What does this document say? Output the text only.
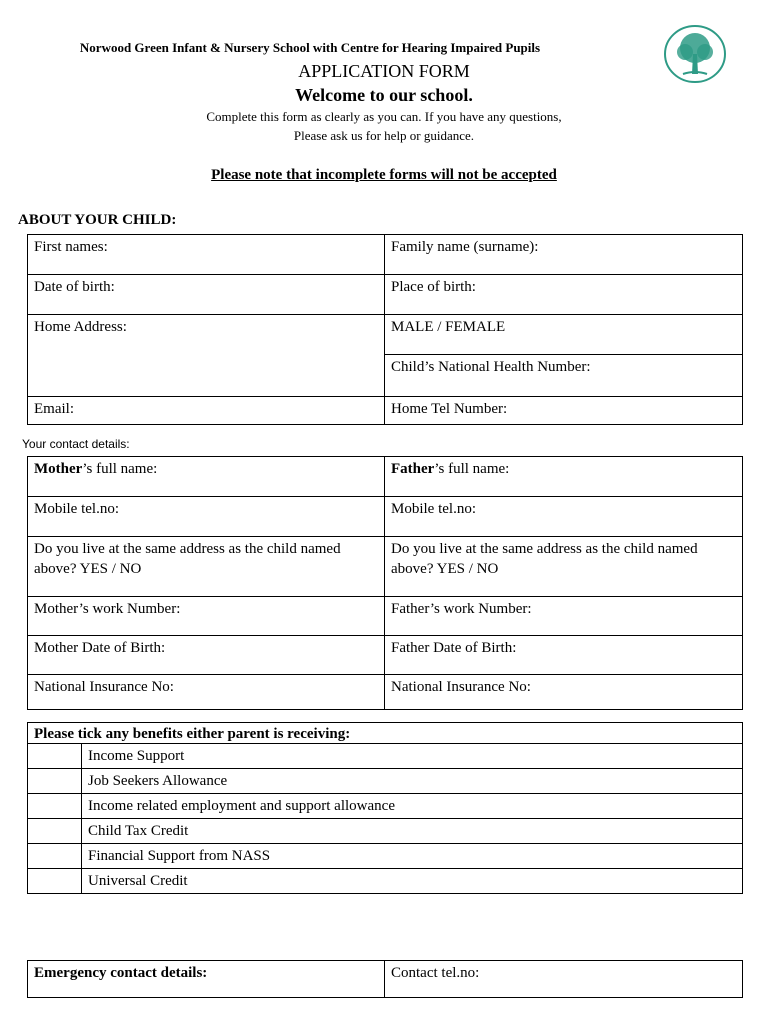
Norwood Green Infant & Nursery School with Centre for Hearing Impaired Pupils
APPLICATION FORM
Welcome to our school.
Complete this form as clearly as you can. If you have any questions,
Please ask us for help or guidance.
Please note that incomplete forms will not be accepted
ABOUT YOUR CHILD:
First names:	Family name (surname):
Date of birth:	Place of birth:
Home Address:	MALE / FEMALE
	Child’s National Health Number:
Email:	Home Tel Number:
Your contact details:
Mother’s full name:	Father’s full name:
Mobile tel.no:	Mobile tel.no:
Do you live at the same address as the child named above? YES / NO	Do you live at the same address as the child named above? YES / NO
Mother’s work Number:	Father’s work Number:
Mother Date of Birth:	Father Date of Birth:
National Insurance No:	National Insurance No:
Please tick any benefits either parent is receiving:	
	Income Support
	Job Seekers Allowance
	Income related employment and support allowance
	Child Tax Credit
	Financial Support from NASS
	Universal Credit
Emergency contact details:	Contact tel.no:
